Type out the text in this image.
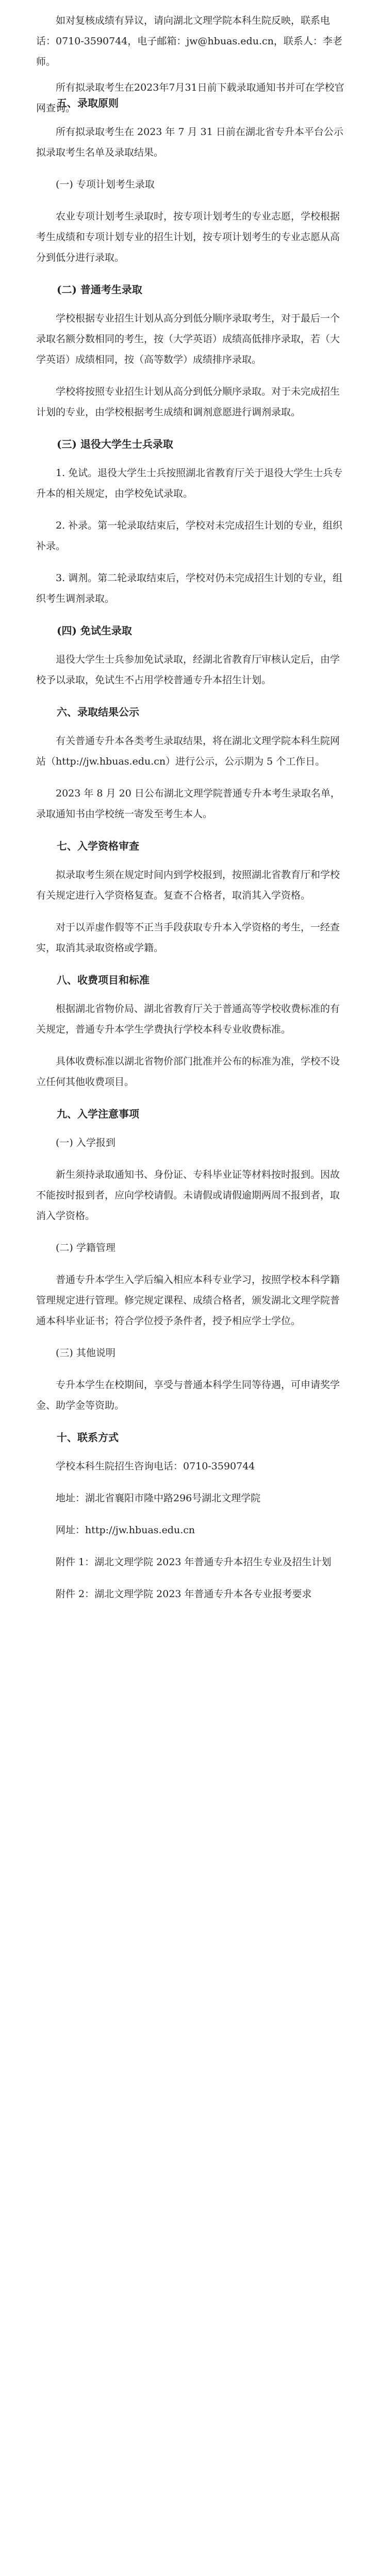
如对复核成绩有异议，请向湖北文理学院本科生院反映，联系电话：0710-3590744，电子邮箱：jw@hbuas.edu.cn，联系人：李老师。

所有拟录取考生在2023年7月31日前下载录取通知书并可在学校官网查询。

五、录取原则

所有拟录取考生在 2023 年 7 月 31 日前在湖北省专升本平台公示拟录取考生名单及录取结果。

(一) 专项计划考生录取

农业专项计划考生录取时，按专项计划考生的专业志愿，学校根据考生成绩和专项计划专业的招生计划，按专项计划考生的专业志愿从高分到低分进行录取。

(二) 普通考生录取

学校根据专业招生计划从高分到低分顺序录取考生，对于最后一个录取名额分数相同的考生，按（大学英语）成绩高低排序录取，若（大学英语）成绩相同，按（高等数学）成绩排序录取。

学校将按照专业招生计划从高分到低分顺序录取。对于未完成招生计划的专业，由学校根据考生成绩和调剂意愿进行调剂录取。

(三) 退役大学生士兵录取

1. 免试。退役大学生士兵按照湖北省教育厅关于退役大学生士兵专升本的相关规定，由学校免试录取。

2. 补录。第一轮录取结束后，学校对未完成招生计划的专业，组织补录。

3. 调剂。第二轮录取结束后，学校对仍未完成招生计划的专业，组织考生调剂录取。

(四) 免试生录取

退役大学生士兵参加免试录取，经湖北省教育厅审核认定后，由学校予以录取，免试生不占用学校普通专升本招生计划。

六、录取结果公示

有关普通专升本各类考生录取结果，将在湖北文理学院本科生院网站（http://jw.hbuas.edu.cn）进行公示，公示期为 5 个工作日。

2023 年 8 月 20 日公布湖北文理学院普通专升本考生录取名单，录取通知书由学校统一寄发至考生本人。

七、入学资格审查

拟录取考生须在规定时间内到学校报到，按照湖北省教育厅和学校有关规定进行入学资格复查。复查不合格者，取消其入学资格。

对于以弄虚作假等不正当手段获取专升本入学资格的考生，一经查实，取消其录取资格或学籍。

八、收费项目和标准

根据湖北省物价局、湖北省教育厅关于普通高等学校收费标准的有关规定，普通专升本学生学费执行学校本科专业收费标准。

具体收费标准以湖北省物价部门批准并公布的标准为准，学校不设立任何其他收费项目。

九、入学注意事项

(一) 入学报到

新生须持录取通知书、身份证、专科毕业证等材料按时报到。因故不能按时报到者，应向学校请假。未请假或请假逾期两周不报到者，取消入学资格。

(二) 学籍管理

普通专升本学生入学后编入相应本科专业学习，按照学校本科学籍管理规定进行管理。修完规定课程、成绩合格者，颁发湖北文理学院普通本科毕业证书；符合学位授予条件者，授予相应学士学位。

(三) 其他说明

专升本学生在校期间，享受与普通本科学生同等待遇，可申请奖学金、助学金等资助。

十、联系方式

学校本科生院招生咨询电话：0710-3590744

地址：湖北省襄阳市隆中路296号湖北文理学院

网址：http://jw.hbuas.edu.cn

附件 1：湖北文理学院 2023 年普通专升本招生专业及招生计划

附件 2：湖北文理学院 2023 年普通专升本各专业报考要求
